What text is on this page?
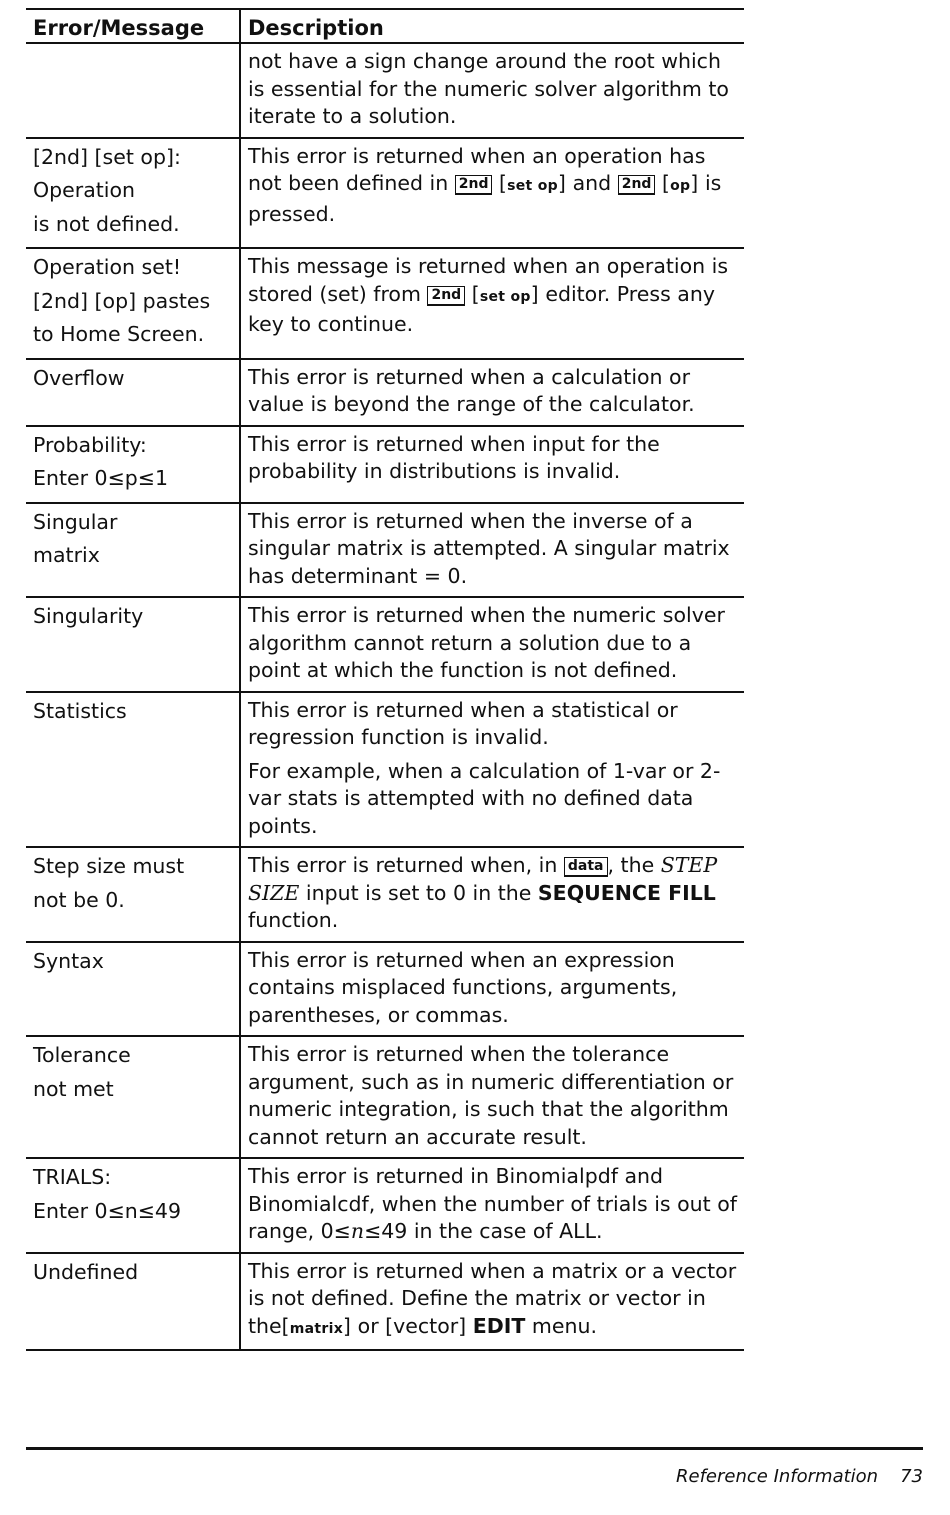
Error/Message	Description
	not have a sign change around the root which is essential for the numeric solver algorithm to iterate to a solution.

[2nd] [set op]:
Operation
is not defined.	This error is returned when an operation has not been defined in 2nd [ set op ] and 2nd [ op ] is pressed.

Operation set!
[2nd] [op] pastes
to Home Screen.	This message is returned when an operation is stored (set) from 2nd [ set op ] editor. Press any key to continue.

Overflow	This error is returned when a calculation or value is beyond the range of the calculator.

Probability:
Enter 0≤p≤1	This error is returned when input for the probability in distributions is invalid.

Singular
matrix	This error is returned when the inverse of a singular matrix is attempted. A singular matrix has determinant = 0.

Singularity	This error is returned when the numeric solver algorithm cannot return a solution due to a point at which the function is not defined.

Statistics	This error is returned when a statistical or regression function is invalid.
For example, when a calculation of 1-var or 2-var stats is attempted with no defined data points.

Step size must
not be 0.	This error is returned when, in data , the STEP SIZE input is set to 0 in the SEQUENCE FILL function.

Syntax	This error is returned when an expression contains misplaced functions, arguments, parentheses, or commas.

Tolerance
not met	This error is returned when the tolerance argument, such as in numeric differentiation or numeric integration, is such that the algorithm cannot return an accurate result.

TRIALS:
Enter 0≤n≤49	This error is returned in Binomialpdf and Binomialcdf, when the number of trials is out of range, 0≤n≤49 in the case of ALL.

Undefined	This error is returned when a matrix or a vector is not defined. Define the matrix or vector in the [ matrix ] or [vector] EDIT menu.
Reference Information 73
